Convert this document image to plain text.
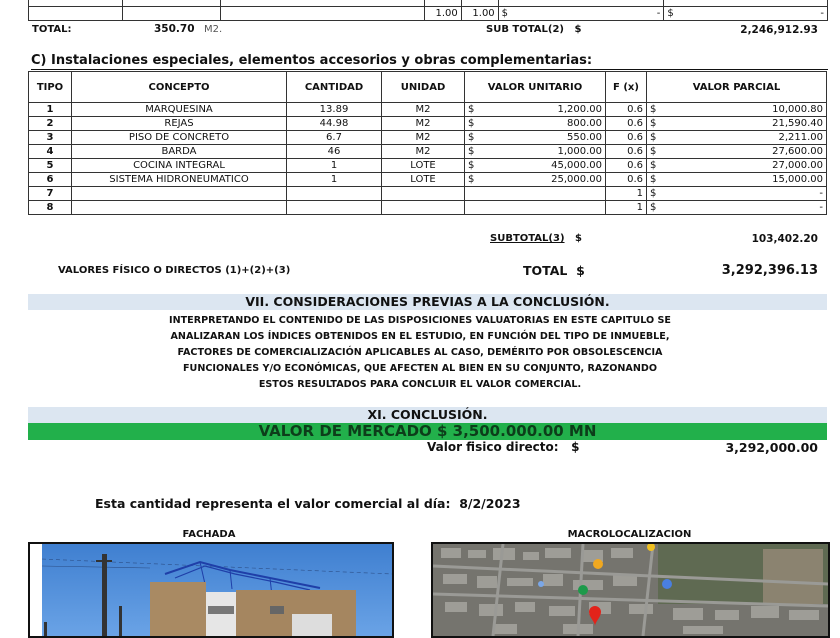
			1.00	1.00	$ -	$ -
TOTAL:	350.70 M2.	SUB TOTAL(2) $	2,246,912.93
C) Instalaciones especiales, elementos accesorios y obras complementarias:
TIPO	CONCEPTO	CANTIDAD	UNIDAD	VALOR UNITARIO	F (x)	VALOR PARCIAL
1	MARQUESINA	13.89	M2	$ 1,200.00	0.6	$ 10,000.80

2	REJAS	44.98	M2	$ 800.00	0.6	$ 21,590.40

3	PISO DE CONCRETO	6.7	M2	$ 550.00	0.6	$ 2,211.00

4	BARDA	46	M2	$ 1,000.00	0.6	$ 27,600.00

5	COCINA INTEGRAL	1	LOTE	$ 45,000.00	0.6	$ 27,000.00

6	SISTEMA HIDRONEUMATICO	1	LOTE	$ 25,000.00	0.6	$ 15,000.00

7					1	$ -

8					1	$ -
SUBTOTAL(3) $	103,402.20
VALORES FÍSICO O DIRECTOS (1)+(2)+(3)	TOTAL $	3,292,396.13
VII. CONSIDERACIONES PREVIAS A LA CONCLUSIÓN.
INTERPRETANDO EL CONTENIDO DE LAS DISPOSICIONES VALUATORIAS EN ESTE CAPITULO SE
ANALIZARAN LOS ÍNDICES OBTENIDOS EN EL ESTUDIO, EN FUNCIÓN DEL TIPO DE INMUEBLE,
FACTORES DE COMERCIALIZACIÓN APLICABLES AL CASO, DEMÉRITO POR OBSOLESCENCIA
FUNCIONALES Y/O ECONÓMICAS, QUE AFECTEN AL BIEN EN SU CONJUNTO, RAZONANDO
ESTOS RESULTADOS PARA CONCLUIR EL VALOR COMERCIAL.
XI. CONCLUSIÓN.
VALOR DE MERCADO $ 3,500.000.00 MN
Valor fisico directo: $	3,292,000.00
Esta cantidad representa el valor comercial al día: 8/2/2023
FACHADA	MACROLOCALIZACION
